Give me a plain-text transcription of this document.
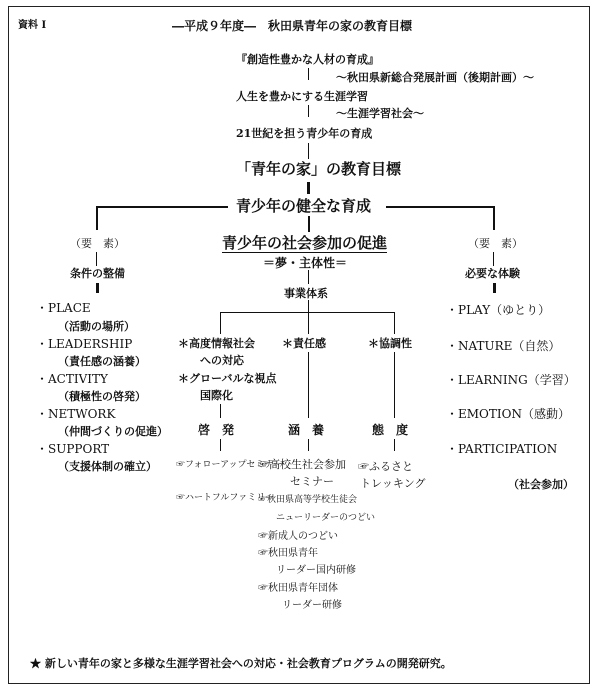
資料 I	―平成９年度―　秋田県青年の家の教育目標
『創造性豊かな人材の育成』
～秋田県新総合発展計画（後期計画）～
人生を豊かにする生涯学習
～生涯学習社会～
21世紀を担う青少年の育成
「青年の家」の教育目標
青少年の健全な育成
（要　素）
条件の整備
・PLACE
（活動の場所）
・LEADERSHIP
（責任感の涵養）
・ACTIVITY
（積極性の啓発）
・NETWORK
（仲間づくりの促進）
・SUPPORT
（支援体制の確立）
（要　素）
必要な体験
・PLAY（ゆとり）
・NATURE（自然）
・LEARNING（学習）
・EMOTION（感動）
・PARTICIPATION
（社会参加）
青少年の社会参加の促進
＝夢・主体性＝
事業体系
＊高度情報社会
への対応
＊グローバルな視点
国際化
啓　発
☞フォローアップセミナー
☞ハートフルファミリー
＊責任感
涵　養
☞高校生社会参加
セミナー
☞秋田県高等学校生徒会
ニューリーダーのつどい
☞新成人のつどい
☞秋田県青年
リーダー国内研修
☞秋田県青年団体
リーダー研修
＊協調性
態　度
☞ふるさと
トレッキング
★ 新しい青年の家と多様な生涯学習社会への対応・社会教育プログラムの開発研究。
